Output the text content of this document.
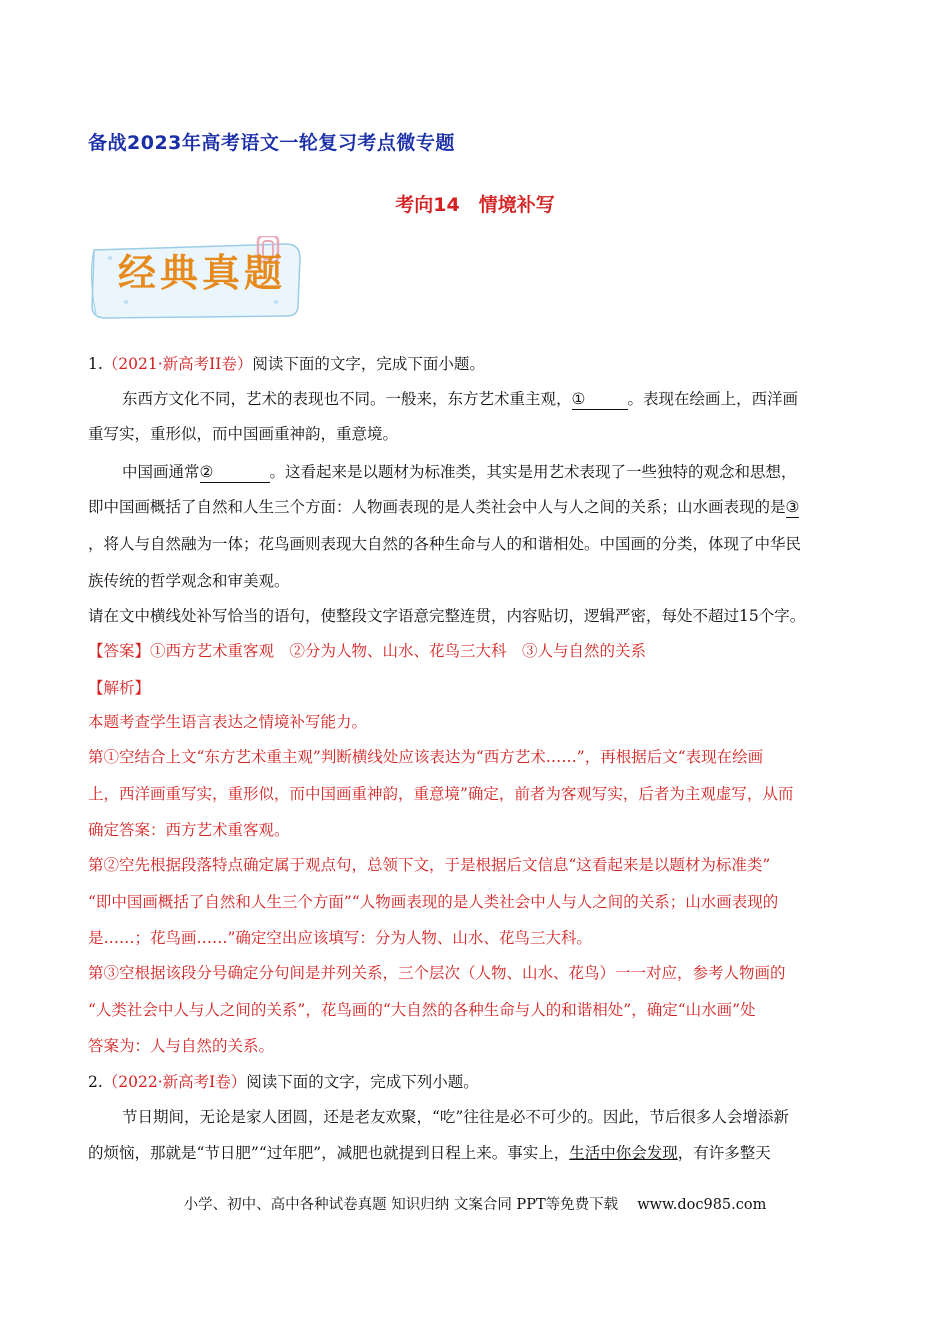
备战2023年高考语文一轮复习考点微专题
考向14　情境补写
经典真题
1.（2021·新高考II卷）阅读下面的文字，完成下面小题。
东西方文化不同，艺术的表现也不同。一般来，东方艺术重主观，①	。表现在绘画上，西洋画
重写实，重形似，而中国画重神韵，重意境。
中国画通常②	。这看起来是以题材为标准类，其实是用艺术表现了一些独特的观念和思想，
即中国画概括了自然和人生三个方面：人物画表现的是人类社会中人与人之间的关系；山水画表现的是③
，将人与自然融为一体；花鸟画则表现大自然的各种生命与人的和谐相处。中国画的分类，体现了中华民
族传统的哲学观念和审美观。
请在文中横线处补写恰当的语句，使整段文字语意完整连贯，内容贴切，逻辑严密，每处不超过15个字。
【答案】①西方艺术重客观　②分为人物、山水、花鸟三大科　③人与自然的关系
【解析】
本题考查学生语言表达之情境补写能力。
第①空结合上文“东方艺术重主观”判断横线处应该表达为“西方艺术……”，再根据后文“表现在绘画
上，西洋画重写实，重形似，而中国画重神韵，重意境”确定，前者为客观写实，后者为主观虚写，从而
确定答案：西方艺术重客观。
第②空先根据段落特点确定属于观点句，总领下文，于是根据后文信息“这看起来是以题材为标准类”
“即中国画概括了自然和人生三个方面”“人物画表现的是人类社会中人与人之间的关系；山水画表现的
是……；花鸟画……”确定空出应该填写：分为人物、山水、花鸟三大科。
第③空根据该段分号确定分句间是并列关系，三个层次（人物、山水、花鸟）一一对应，参考人物画的
“人类社会中人与人之间的关系”，花鸟画的“大自然的各种生命与人的和谐相处”，确定“山水画”处
答案为：人与自然的关系。
2.（2022·新高考I卷）阅读下面的文字，完成下列小题。
节日期间，无论是家人团圆，还是老友欢聚，“吃”往往是必不可少的。因此，节后很多人会增添新
的烦恼，那就是“节日肥”“过年肥”，减肥也就提到日程上来。事实上，生活中你会发现，有许多整天
小学、初中、高中各种试卷真题 知识归纳 文案合同 PPT等免费下载　 www.doc985.com
